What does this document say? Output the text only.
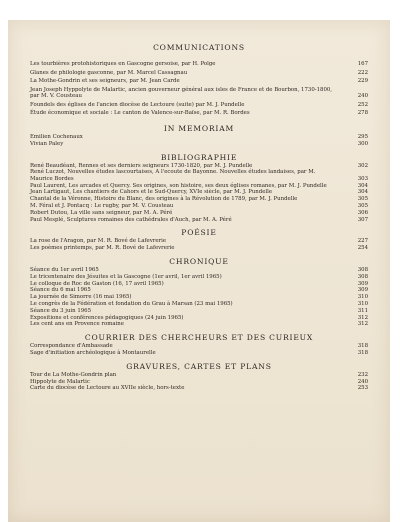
COMMUNICATIONS
Les tourbières protohistoriques en Gascogne gersoise, par H. Polge	167
Glanes de philologie gasconne, par M. Marcel Cassagnau	222
La Mothe-Gondrin et ses seigneurs, par M. Jean Carde	229
Jean Joseph Hyppolyte de Malartic, ancien gouverneur général aux isles de France et de Bourbon, 1730-1800, par M. V. Cousteau	240
Foundels des églises de l'ancien diocèse de Lectoure (suite) par M. J. Pundelle	252
Étude économique et sociale : Le canton de Valence-sur-Baïse, par M. R. Bordes	278
IN MEMORIAM
Emilien Cochenaux	295
Vivian Paley	300
BIBLIOGRAPHIE
René Beaudéant, Rennes et ses derniers seigneurs 1730-1820, par M. J. Pundelle	302
René Luczot, Nouvelles études lascourtaises, A l'ecoute de Bayonne. Nouvelles études landaises, par M. Maurice Bordes	303
Paul Laurent, Les arcades et Quercy. Ses origines, son histoire, ses deux églises romanes, par M. J. Pundelle	304
Jean Lartigaut, Les chantiers de Cahors et le Sud-Quercy, XVIe siècle, par M. J. Pundelle	304
Chantal de la Véronne, Histoire du Blanc, des origines à la Révolution de 1789, par M. J. Pundelle	305
M. Féral et J. Pontacq : Le rugby, par M. V. Cousteau	305
Robert Dutou, La ville sans seigneur, par M. A. Péré	306
Paul Mesplé, Sculptures romaines des cathédrales d'Auch, par M. A. Péré	307
POÉSIE
La rose de l'Aragon, par M. R. Bové de Lafevrerie	227
Les poèmes printemps, par M. R. Bové de Lafevrerie	254
CHRONIQUE
Séance du 1er avril 1965	308
Le tricentenaire des Jésuites et la Gascogne (1er avril, 1er avril 1965)	308
Le colloque de Roc de Gaston (16, 17 avril 1965)	309
Séance du 6 mai 1965	309
La journée de Simorre (16 mai 1965)	310
Le congrès de la Fédération et fondation du Grau à Marsan (23 mai 1965)	310
Séance du 3 juin 1965	311
Expositions et conférences pédagogiques (24 juin 1965)	312
Les cent ans en Provence romaine	312
COURRIER DES CHERCHEURS ET DES CURIEUX
Correspondance d'Ambassade	318
Sage d'initiation archéologique à Montaurelle	318
GRAVURES, CARTES ET PLANS
Tour de La Mothe-Gondrin plan	232
Hippolyte de Malartic	240
Carte du diocèse de Lectoure au XVIIe siècle, hors-texte	253
